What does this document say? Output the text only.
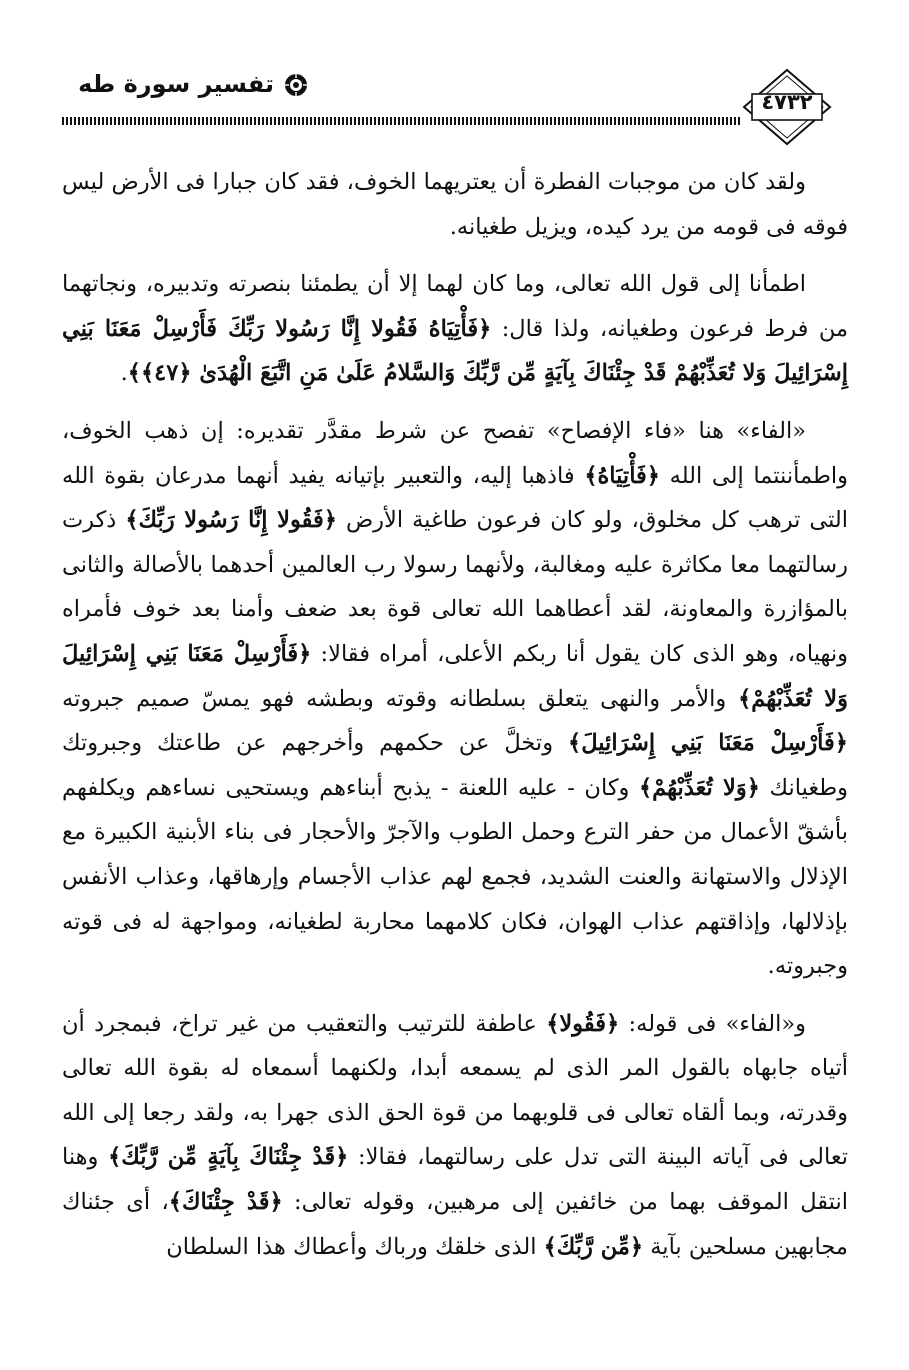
٤٧٣٢
تفسير سورة طه

ولقد كان من موجبات الفطرة أن يعتريهما الخوف، فقد كان جبارا فى الأرض ليس فوقه فى قومه من يرد كيده، ويزيل طغيانه.

اطمأنا إلى قول الله تعالى، وما كان لهما إلا أن يطمئنا بنصرته وتدبيره، ونجاتهما من فرط فرعون وطغيانه، ولذا قال: ﴿فَأْتِيَاهُ فَقُولا إِنَّا رَسُولا رَبِّكَ فَأَرْسِلْ مَعَنَا بَنِي إِسْرَائِيلَ وَلا تُعَذِّبْهُمْ قَدْ جِئْنَاكَ بِآيَةٍ مِّن رَّبِّكَ وَالسَّلامُ عَلَىٰ مَنِ اتَّبَعَ الْهُدَىٰ ﴿٤٧﴾﴾.

«الفاء» هنا «فاء الإفصاح» تفصح عن شرط مقدَّر تقديره: إن ذهب الخوف، واطمأننتما إلى الله ﴿فَأْتِيَاهُ﴾ فاذهبا إليه، والتعبير بإتيانه يفيد أنهما مدرعان بقوة الله التى ترهب كل مخلوق، ولو كان فرعون طاغية الأرض ﴿فَقُولا إِنَّا رَسُولا رَبِّكَ﴾ ذكرت رسالتهما معا مكاثرة عليه ومغالبة، ولأنهما رسولا رب العالمين أحدهما بالأصالة والثانى بالمؤازرة والمعاونة، لقد أعطاهما الله تعالى قوة بعد ضعف وأمنا بعد خوف فأمراه ونهياه، وهو الذى كان يقول أنا ربكم الأعلى، أمراه فقالا: ﴿فَأَرْسِلْ مَعَنَا بَنِي إِسْرَائِيلَ وَلا تُعَذِّبْهُمْ﴾ والأمر والنهى يتعلق بسلطانه وقوته وبطشه فهو يمسّ صميم جبروته ﴿فَأَرْسِلْ مَعَنَا بَنِي إِسْرَائِيلَ﴾ وتخلَّ عن حكمهم وأخرجهم عن طاعتك وجبروتك وطغيانك ﴿وَلا تُعَذِّبْهُمْ﴾ وكان - عليه اللعنة - يذبح أبناءهم ويستحيى نساءهم ويكلفهم بأشقّ الأعمال من حفر الترع وحمل الطوب والآجرّ والأحجار فى بناء الأبنية الكبيرة مع الإذلال والاستهانة والعنت الشديد، فجمع لهم عذاب الأجسام وإرهاقها، وعذاب الأنفس بإذلالها، وإذاقتهم عذاب الهوان، فكان كلامهما محاربة لطغيانه، ومواجهة له فى قوته وجبروته.

و«الفاء» فى قوله: ﴿فَقُولا﴾ عاطفة للترتيب والتعقيب من غير تراخ، فبمجرد أن أتياه جابهاه بالقول المر الذى لم يسمعه أبدا، ولكنهما أسمعاه له بقوة الله تعالى وقدرته، وبما ألقاه تعالى فى قلوبهما من قوة الحق الذى جهرا به، ولقد رجعا إلى الله تعالى فى آياته البينة التى تدل على رسالتهما، فقالا: ﴿قَدْ جِئْنَاكَ بِآيَةٍ مِّن رَّبِّكَ﴾ وهنا انتقل الموقف بهما من خائفين إلى مرهبين، وقوله تعالى: ﴿قَدْ جِئْنَاكَ﴾، أى جئناك مجابهين مسلحين بآية ﴿مِّن رَّبِّكَ﴾ الذى خلقك ورباك وأعطاك هذا السلطان
